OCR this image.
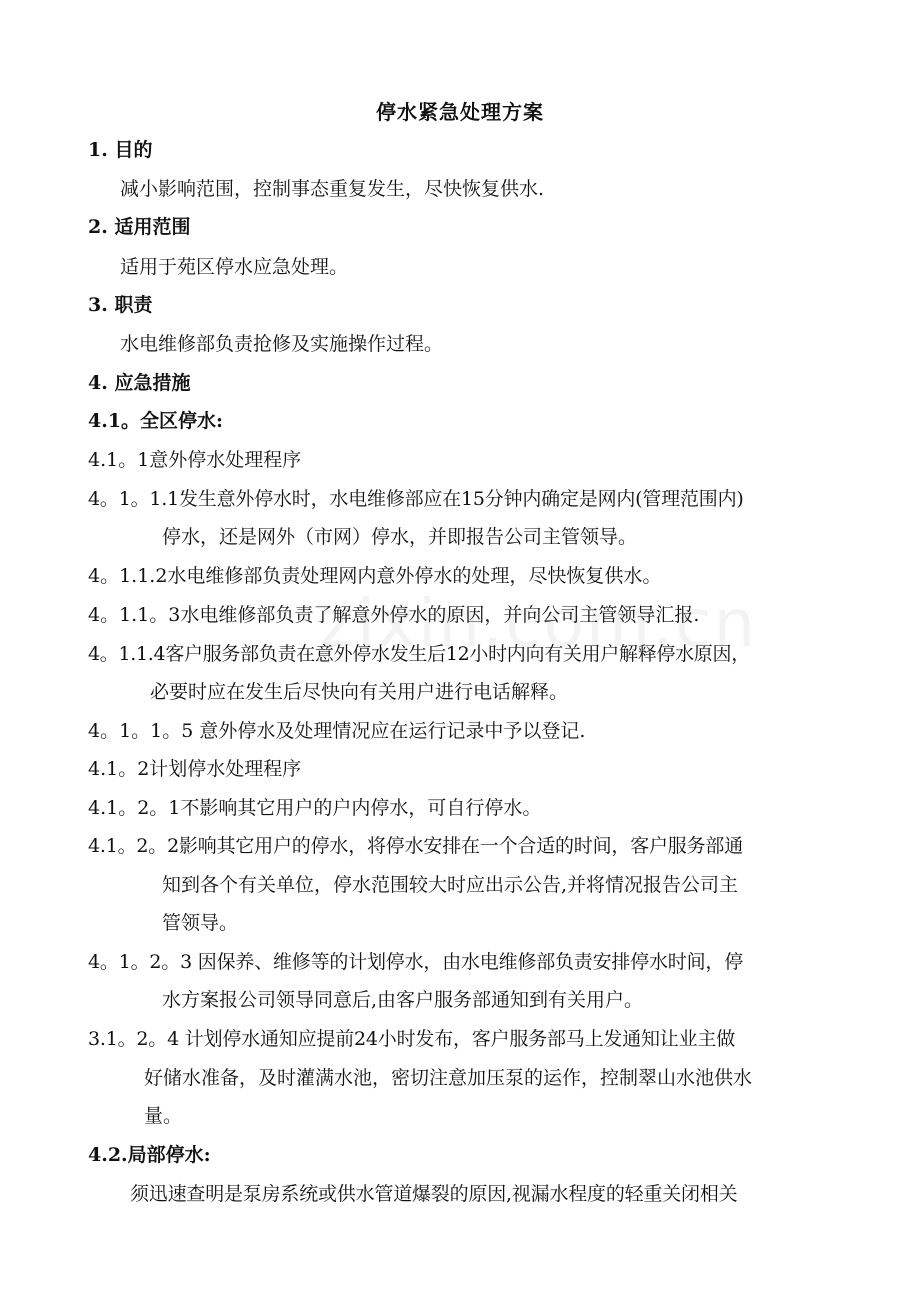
停水紧急处理方案
1. 目的
减小影响范围，控制事态重复发生，尽快恢复供水.
2. 适用范围
适用于苑区停水应急处理。
3. 职责
水电维修部负责抢修及实施操作过程。
4. 应急措施
4.1。全区停水:
4.1。1意外停水处理程序
4。1。1.1发生意外停水时，水电维修部应在15分钟内确定是网内(管理范围内)
停水，还是网外（市网）停水，并即报告公司主管领导。
4。1.1.2水电维修部负责处理网内意外停水的处理，尽快恢复供水。
4。1.1。3水电维修部负责了解意外停水的原因，并向公司主管领导汇报.
4。1.1.4客户服务部负责在意外停水发生后12小时内向有关用户解释停水原因，
必要时应在发生后尽快向有关用户进行电话解释。
4。1。1。5 意外停水及处理情况应在运行记录中予以登记.
4.1。2计划停水处理程序
4.1。2。1不影响其它用户的户内停水，可自行停水。
4.1。2。2影响其它用户的停水，将停水安排在一个合适的时间，客户服务部通
知到各个有关单位，停水范围较大时应出示公告,并将情况报告公司主
管领导。
4。1。2。3 因保养、维修等的计划停水，由水电维修部负责安排停水时间，停
水方案报公司领导同意后,由客户服务部通知到有关用户。
3.1。2。4 计划停水通知应提前24小时发布，客户服务部马上发通知让业主做
好储水准备，及时灌满水池，密切注意加压泵的运作，控制翠山水池供水
量。
4.2.局部停水:
须迅速查明是泵房系统或供水管道爆裂的原因,视漏水程度的轻重关闭相关
